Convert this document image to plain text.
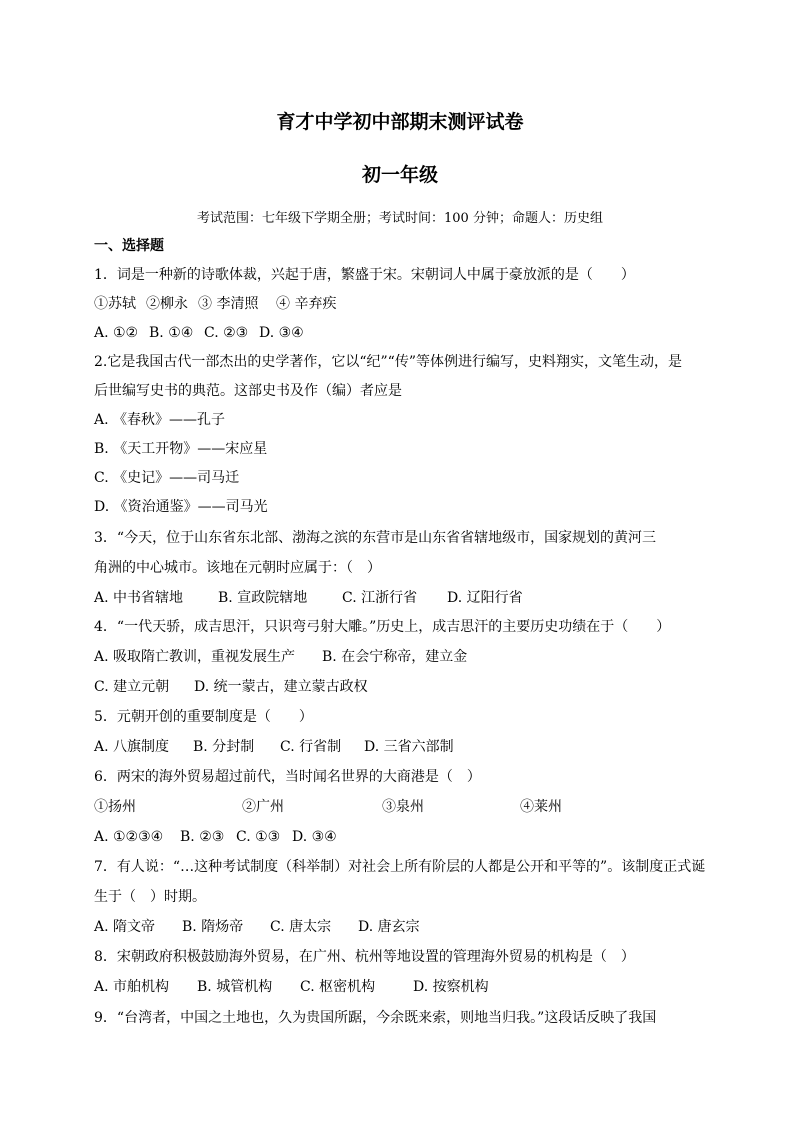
育才中学初中部期末测评试卷
初一年级
考试范围：七年级下学期全册；考试时间：100 分钟；命题人：历史组
一、选择题
1．词是一种新的诗歌体裁，兴起于唐，繁盛于宋。宋朝词人中属于豪放派的是（　　）
①苏轼 ②柳永 ③ 李清照 ④ 辛弃疾
A. ①② B. ①④ C. ②③ D. ③④
2.它是我国古代一部杰出的史学著作，它以“纪”“传”等体例进行编写，史料翔实，文笔生动，是
后世编写史书的典范。这部史书及作（编）者应是
A. 《春秋》——孔子
B. 《天工开物》——宋应星
C. 《史记》——司马迁
D. 《资治通鉴》——司马光
3．“今天，位于山东省东北部、渤海之滨的东营市是山东省省辖地级市，国家规划的黄河三
角洲的中心城市。该地在元朝时应属于：（　）
A. 中书省辖地 B. 宣政院辖地 C. 江浙行省 D. 辽阳行省
4．“一代天骄，成吉思汗，只识弯弓射大雕。”历史上，成吉思汗的主要历史功绩在于（　　）
A. 吸取隋亡教训，重视发展生产 B. 在会宁称帝，建立金
C. 建立元朝 D. 统一蒙古，建立蒙古政权
5．元朝开创的重要制度是（　　）
A. 八旗制度 B. 分封制 C. 行省制 D. 三省六部制
6．两宋的海外贸易超过前代，当时闻名世界的大商港是（　）
①扬州	②广州	③泉州	④莱州
A. ①②③④ B. ②③ C. ①③ D. ③④
7．有人说：“…这种考试制度（科举制）对社会上所有阶层的人都是公开和平等的”。该制度正式诞
生于（　）时期。
A. 隋文帝 B. 隋炀帝 C. 唐太宗 D. 唐玄宗
8．宋朝政府积极鼓励海外贸易，在广州、杭州等地设置的管理海外贸易的机构是（　）
A. 市舶机构 B. 城管机构 C. 枢密机构	D. 按察机构
9．“台湾者，中国之土地也，久为贵国所踞，今余既来索，则地当归我。”这段话反映了我国
